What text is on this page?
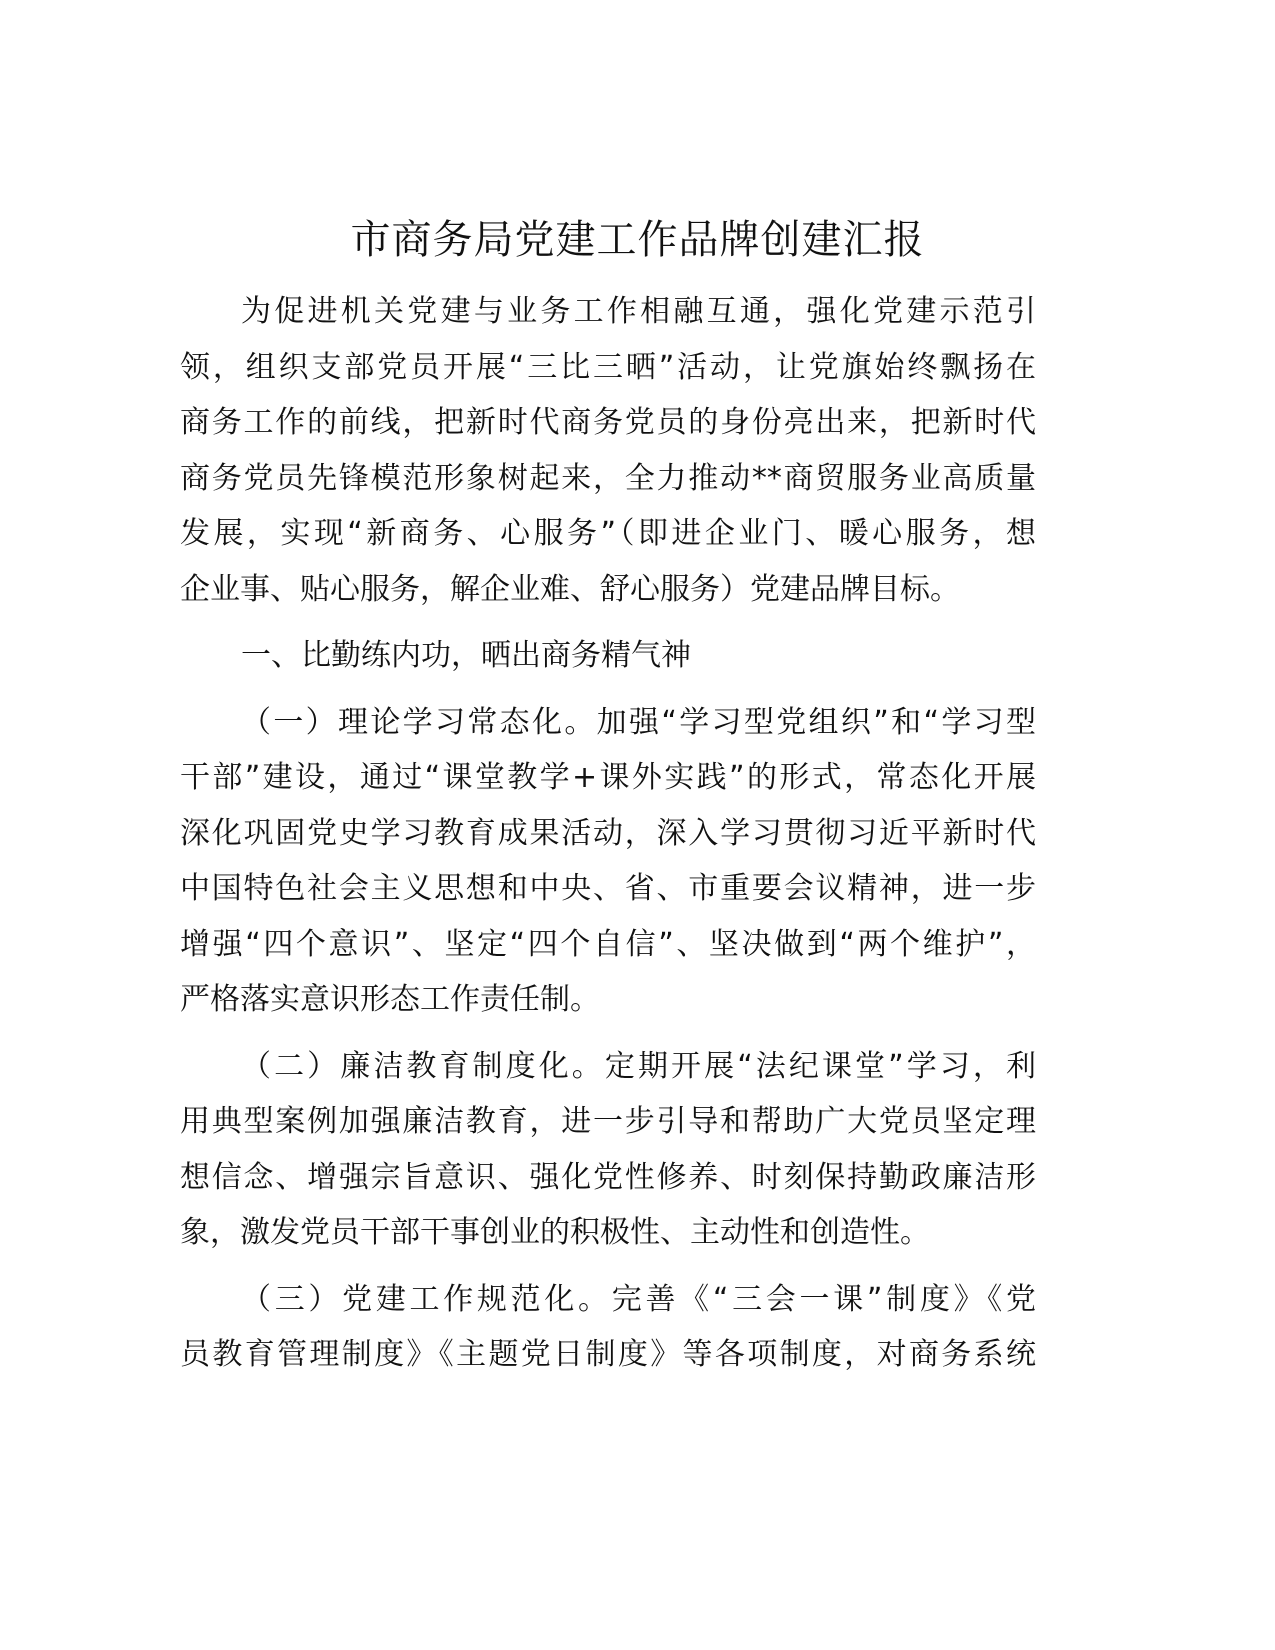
市商务局党建工作品牌创建汇报
为促进机关党建与业务工作相融互通，强化党建示范引
领，组织支部党员开展“三比三晒”活动，让党旗始终飘扬在
商务工作的前线，把新时代商务党员的身份亮出来，把新时代
商务党员先锋模范形象树起来，全力推动**商贸服务业高质量
发展，实现“新商务、心服务”（即进企业门、暖心服务，想
企业事、贴心服务，解企业难、舒心服务）党建品牌目标。
一、比勤练内功，晒出商务精气神
（一）理论学习常态化。加强“学习型党组织”和“学习型
干部”建设，通过“课堂教学+课外实践”的形式，常态化开展
深化巩固党史学习教育成果活动，深入学习贯彻习近平新时代
中国特色社会主义思想和中央、省、市重要会议精神，进一步
增强“四个意识”、坚定“四个自信”、坚决做到“两个维护”，
严格落实意识形态工作责任制。
（二）廉洁教育制度化。定期开展“法纪课堂”学习，利
用典型案例加强廉洁教育，进一步引导和帮助广大党员坚定理
想信念、增强宗旨意识、强化党性修养、时刻保持勤政廉洁形
象，激发党员干部干事创业的积极性、主动性和创造性。
（三）党建工作规范化。完善《“三会一课”制度》《党
员教育管理制度》《主题党日制度》等各项制度，对商务系统
